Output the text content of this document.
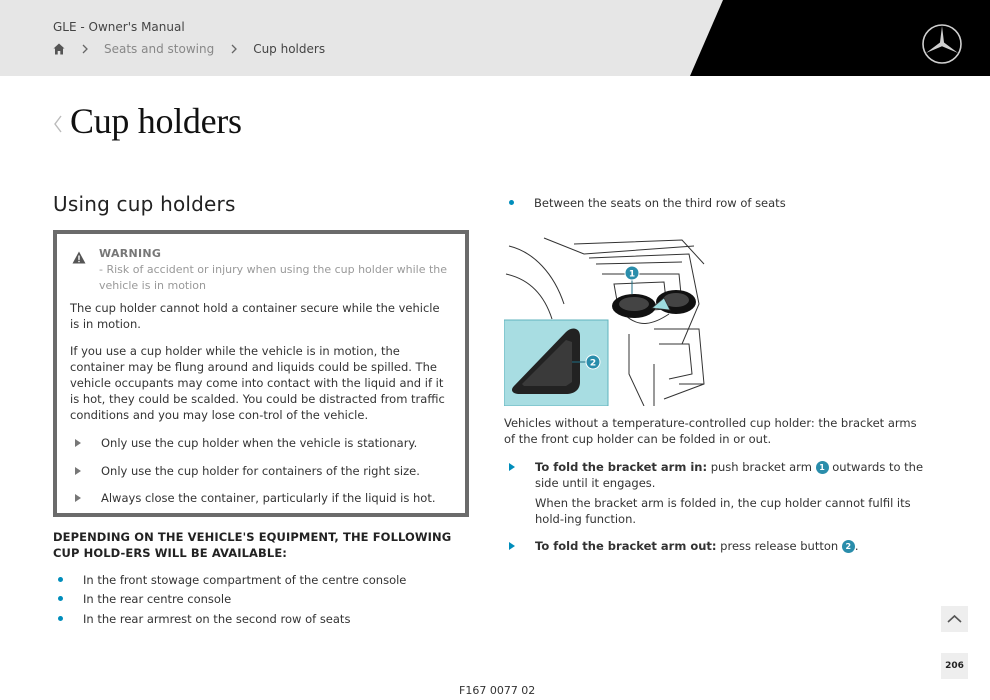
GLE - Owner's Manual
Seats and stowing	Cup holders
Cup holders
Using cup holders
WARNING
- Risk of accident or injury when using the cup holder while the vehicle is in motion

The cup holder cannot hold a container secure while the vehicle is in motion.

If you use a cup holder while the vehicle is in motion, the container may be flung around and liquids could be spilled. The vehicle occupants may come into contact with the liquid and if it is hot, they could be scalded. You could be distracted from traffic conditions and you may lose con-trol of the vehicle.

Only use the cup holder when the vehicle is stationary.
Only use the cup holder for containers of the right size.
Always close the container, particularly if the liquid is hot.
DEPENDING ON THE VEHICLE'S EQUIPMENT, THE FOLLOWING CUP HOLD-ERS WILL BE AVAILABLE:
In the front stowage compartment of the centre console
In the rear centre console
In the rear armrest on the second row of seats
Between the seats on the third row of seats
1
2

Vehicles without a temperature-controlled cup holder: the bracket arms of the front cup holder can be folded in or out.

To fold the bracket arm in: push bracket arm 1 outwards to the side until it engages.
When the bracket arm is folded in, the cup holder cannot fulfil its hold-ing function.
To fold the bracket arm out: press release button 2 .
206
F167 0077 02
